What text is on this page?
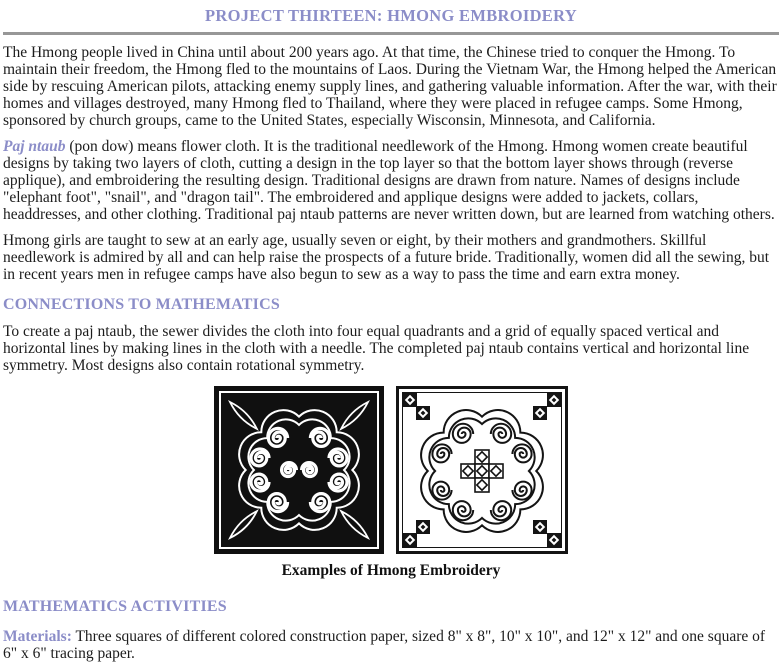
PROJECT THIRTEEN: HMONG EMBROIDERY

The Hmong people lived in China until about 200 years ago. At that time, the Chinese tried to conquer the Hmong. To maintain their freedom, the Hmong fled to the mountains of Laos. During the Vietnam War, the Hmong helped the American side by rescuing American pilots, attacking enemy supply lines, and gathering valuable information. After the war, with their homes and villages destroyed, many Hmong fled to Thailand, where they were placed in refugee camps. Some Hmong, sponsored by church groups, came to the United States, especially Wisconsin, Minnesota, and California.

Paj ntaub (pon dow) means flower cloth. It is the traditional needlework of the Hmong. Hmong women create beautiful designs by taking two layers of cloth, cutting a design in the top layer so that the bottom layer shows through (reverse applique), and embroidering the resulting design. Traditional designs are drawn from nature. Names of designs include "elephant foot", "snail", and "dragon tail". The embroidered and applique designs were added to jackets, collars, headdresses, and other clothing. Traditional paj ntaub patterns are never written down, but are learned from watching others.

Hmong girls are taught to sew at an early age, usually seven or eight, by their mothers and grandmothers. Skillful needlework is admired by all and can help raise the prospects of a future bride. Traditionally, women did all the sewing, but in recent years men in refugee camps have also begun to sew as a way to pass the time and earn extra money.

CONNECTIONS TO MATHEMATICS

To create a paj ntaub, the sewer divides the cloth into four equal quadrants and a grid of equally spaced vertical and horizontal lines by making lines in the cloth with a needle. The completed paj ntaub contains vertical and horizontal line symmetry. Most designs also contain rotational symmetry.

Examples of Hmong Embroidery
MATHEMATICS ACTIVITIES

Materials: Three squares of different colored construction paper, sized 8" x 8", 10" x 10", and 12" x 12" and one square of 6" x 6" tracing paper.
